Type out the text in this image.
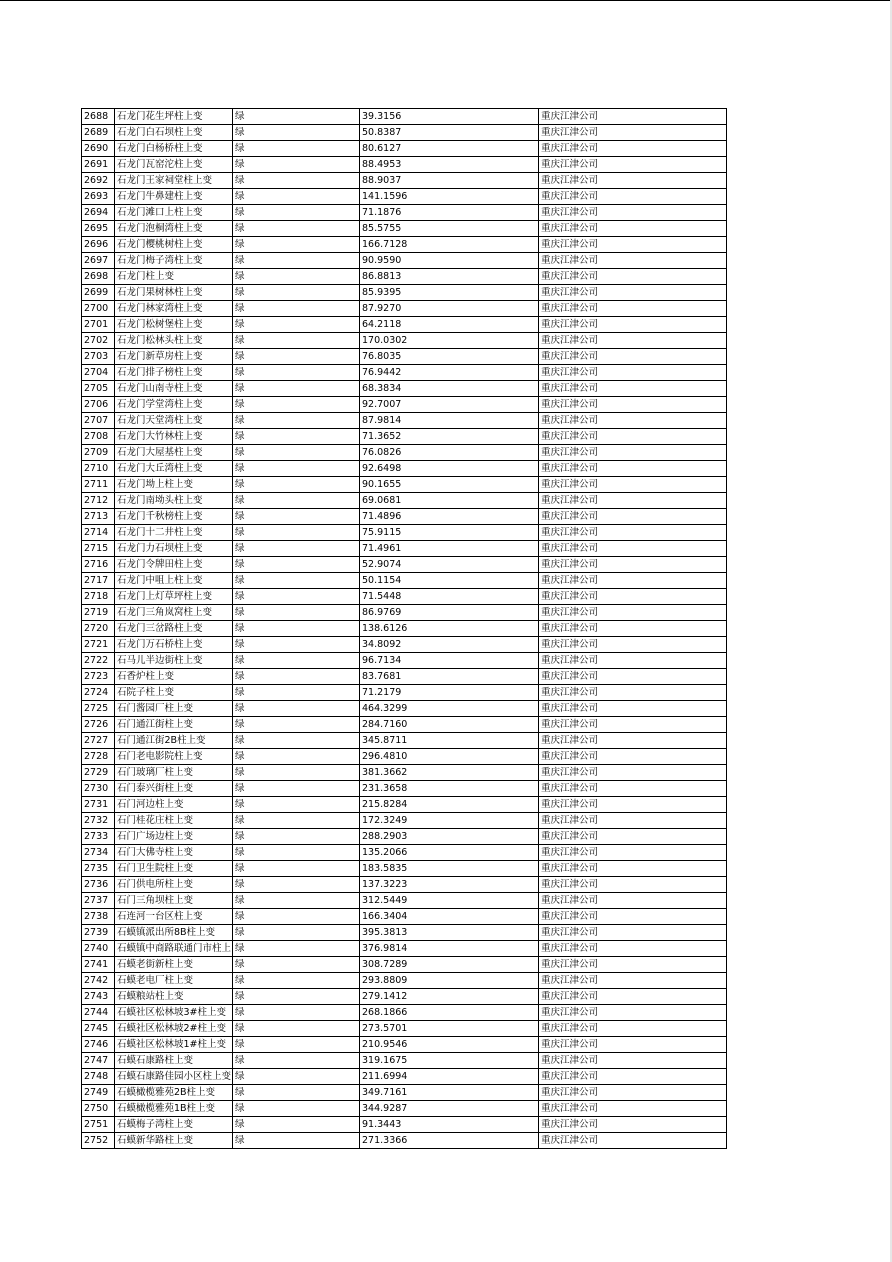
2688	石龙门花生坪柱上变	绿	39.3156	重庆江津公司
2689	石龙门白石坝柱上变	绿	50.8387	重庆江津公司
2690	石龙门白杨桥柱上变	绿	80.6127	重庆江津公司
2691	石龙门瓦窑沱柱上变	绿	88.4953	重庆江津公司
2692	石龙门王家祠堂柱上变	绿	88.9037	重庆江津公司
2693	石龙门牛鼻建柱上变	绿	141.1596	重庆江津公司
2694	石龙门滩口上柱上变	绿	71.1876	重庆江津公司
2695	石龙门泡桐湾柱上变	绿	85.5755	重庆江津公司
2696	石龙门樱桃树柱上变	绿	166.7128	重庆江津公司
2697	石龙门梅子湾柱上变	绿	90.9590	重庆江津公司
2698	石龙门柱上变	绿	86.8813	重庆江津公司
2699	石龙门果树林柱上变	绿	85.9395	重庆江津公司
2700	石龙门林家湾柱上变	绿	87.9270	重庆江津公司
2701	石龙门松树堡柱上变	绿	64.2118	重庆江津公司
2702	石龙门松林头柱上变	绿	170.0302	重庆江津公司
2703	石龙门新草房柱上变	绿	76.8035	重庆江津公司
2704	石龙门排子榜柱上变	绿	76.9442	重庆江津公司
2705	石龙门山南寺柱上变	绿	68.3834	重庆江津公司
2706	石龙门学堂湾柱上变	绿	92.7007	重庆江津公司
2707	石龙门天堂湾柱上变	绿	87.9814	重庆江津公司
2708	石龙门大竹林柱上变	绿	71.3652	重庆江津公司
2709	石龙门大屋基柱上变	绿	76.0826	重庆江津公司
2710	石龙门大丘湾柱上变	绿	92.6498	重庆江津公司
2711	石龙门坳上柱上变	绿	90.1655	重庆江津公司
2712	石龙门南坳头柱上变	绿	69.0681	重庆江津公司
2713	石龙门千秋榜柱上变	绿	71.4896	重庆江津公司
2714	石龙门十二井柱上变	绿	75.9115	重庆江津公司
2715	石龙门力石坝柱上变	绿	71.4961	重庆江津公司
2716	石龙门令牌田柱上变	绿	52.9074	重庆江津公司
2717	石龙门中咀上柱上变	绿	50.1154	重庆江津公司
2718	石龙门上灯草坪柱上变	绿	71.5448	重庆江津公司
2719	石龙门三角岚窝柱上变	绿	86.9769	重庆江津公司
2720	石龙门三岔路柱上变	绿	138.6126	重庆江津公司
2721	石龙门万石桥柱上变	绿	34.8092	重庆江津公司
2722	石马儿半边街柱上变	绿	96.7134	重庆江津公司
2723	石香炉柱上变	绿	83.7681	重庆江津公司
2724	石院子柱上变	绿	71.2179	重庆江津公司
2725	石门酱园厂柱上变	绿	464.3299	重庆江津公司
2726	石门通江街柱上变	绿	284.7160	重庆江津公司
2727	石门通江街2B柱上变	绿	345.8711	重庆江津公司
2728	石门老电影院柱上变	绿	296.4810	重庆江津公司
2729	石门玻璃厂柱上变	绿	381.3662	重庆江津公司
2730	石门泰兴街柱上变	绿	231.3658	重庆江津公司
2731	石门河边柱上变	绿	215.8284	重庆江津公司
2732	石门桂花庄柱上变	绿	172.3249	重庆江津公司
2733	石门广场边柱上变	绿	288.2903	重庆江津公司
2734	石门大佛寺柱上变	绿	135.2066	重庆江津公司
2735	石门卫生院柱上变	绿	183.5835	重庆江津公司
2736	石门供电所柱上变	绿	137.3223	重庆江津公司
2737	石门三角坝柱上变	绿	312.5449	重庆江津公司
2738	石连河一台区柱上变	绿	166.3404	重庆江津公司
2739	石蟆镇派出所8B柱上变	绿	395.3813	重庆江津公司
2740	石蟆镇中商路联通门市柱上	绿	376.9814	重庆江津公司
2741	石蟆老街新柱上变	绿	308.7289	重庆江津公司
2742	石蟆老电厂柱上变	绿	293.8809	重庆江津公司
2743	石蟆粮站柱上变	绿	279.1412	重庆江津公司
2744	石蟆社区松林坡3#柱上变	绿	268.1866	重庆江津公司
2745	石蟆社区松林坡2#柱上变	绿	273.5701	重庆江津公司
2746	石蟆社区松林坡1#柱上变	绿	210.9546	重庆江津公司
2747	石蟆石康路柱上变	绿	319.1675	重庆江津公司
2748	石蟆石康路佳园小区柱上变	绿	211.6994	重庆江津公司
2749	石蟆橄榄雅苑2B柱上变	绿	349.7161	重庆江津公司
2750	石蟆橄榄雅苑1B柱上变	绿	344.9287	重庆江津公司
2751	石蟆梅子湾柱上变	绿	91.3443	重庆江津公司
2752	石蟆新华路柱上变	绿	271.3366	重庆江津公司
